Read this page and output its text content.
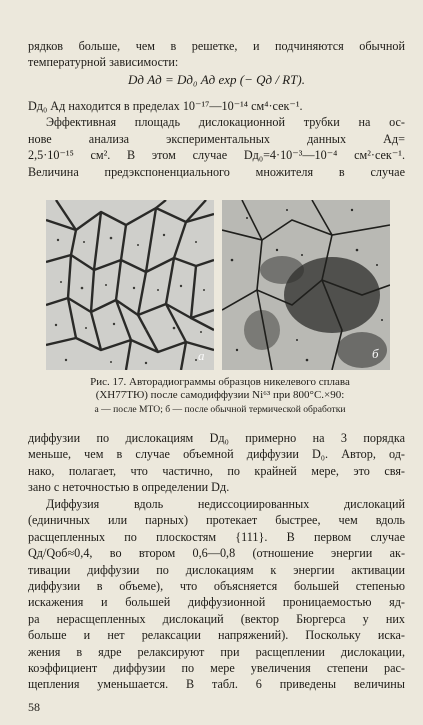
рядков больше, чем в решетке, и подчиняются обычной
температурной зависимости:
Dд Aд = Dд₀ Aд exp (− Qд / RT).
Dд₀ Aд находится в пределах 10⁻¹⁷—10⁻¹⁴ см⁴·сек⁻¹.
Эффективная площадь дислокационной трубки на ос-
нове анализа экспериментальных данных Aд=
2,5·10⁻¹⁵ см². В этом случае Dд₀=4·10⁻³—10⁻⁴ см²·сек⁻¹.
Величина предэкспоненциального множителя в случае
а	б
Рис. 17. Авторадиограммы образцов никелевого сплава
(ХН77ТЮ) после самодиффузии Ni⁶³ при 800°С.×90:
а — после МТО; б — после обычной термической обработки
диффузии по дислокациям Dд₀ примерно на 3 порядка
меньше, чем в случае объемной диффузии D₀. Автор, од-
нако, полагает, что частично, по крайней мере, это свя-
зано с неточностью в определении Dд.
Диффузия вдоль недиссоциированных дислокаций
(единичных или парных) протекает быстрее, чем вдоль
расщепленных по плоскостям {111}. В первом случае
Qд/Qоб≈0,4, во втором 0,6—0,8 (отношение энергии ак-
тивации диффузии по дислокациям к энергии активации
диффузии в объеме), что объясняется большей степенью
искажения и большей диффузионной проницаемостью яд-
ра нерасщепленных дислокаций (вектор Бюргерса у них
больше и нет релаксации напряжений). Поскольку иска-
жения в ядре релаксируют при расщеплении дислокации,
коэффициент диффузии по мере увеличения степени рас-
щепления уменьшается. В табл. 6 приведены величины
58
